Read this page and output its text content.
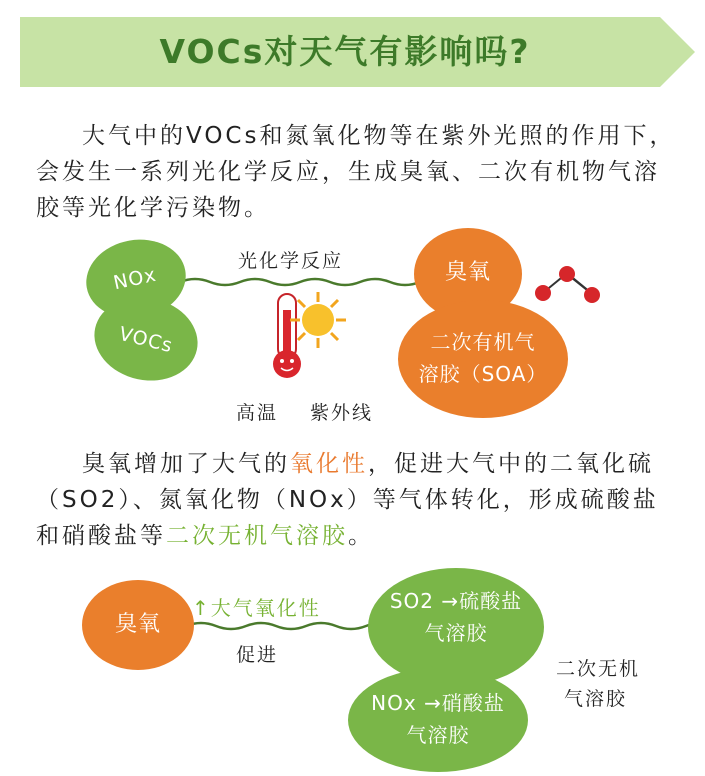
VOCs对天气有影响吗?
大气中的VOCs和氮氧化物等在紫外光照的作用下，会发生一系列光化学反应，生成臭氧、二次有机物气溶胶等光化学污染物。
NOx
VOCs
光化学反应
高温 紫外线
臭氧
二次有机气
溶胶（SOA）
臭氧增加了大气的氧化性，促进大气中的二氧化硫（SO2）、氮氧化物（NOx）等气体转化，形成硫酸盐和硝酸盐等二次无机气溶胶。
臭氧
↑大气氧化性
促进
SO2 →硫酸盐
气溶胶
NOx →硝酸盐
气溶胶
二次无机
气溶胶
